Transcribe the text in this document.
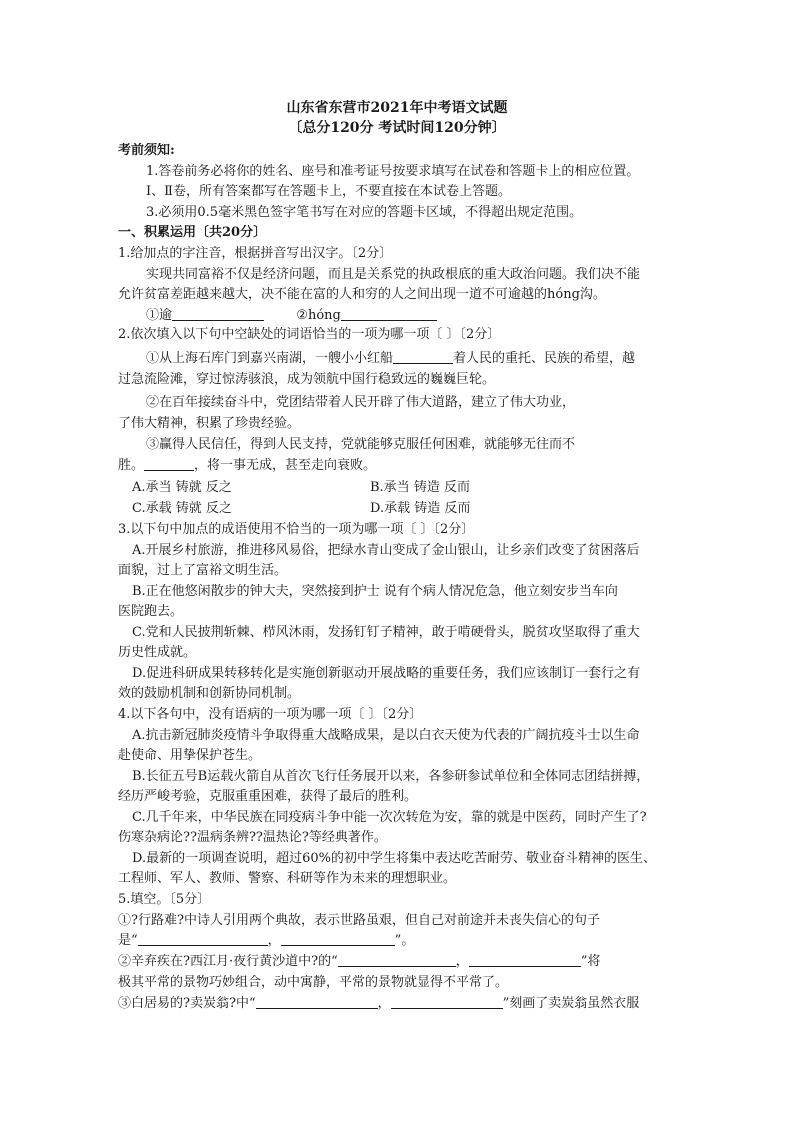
山东省东营市2021年中考语文试题
〔总分120分 考试时间120分钟〕
考前须知:
1.答卷前务必将你的姓名、座号和准考证号按要求填写在试卷和答题卡上的相应位置。
Ⅰ、Ⅱ卷，所有答案都写在答题卡上，不要直接在本试卷上答题。
3.必须用0.5毫米黑色签字笔书写在对应的答题卡区域，不得超出规定范围。
一、积累运用〔共20分〕
1.给加点的字注音，根据拼音写出汉字。〔2分〕
实现共同富裕不仅是经济问题，而且是关系党的执政根底的重大政治问题。我们决不能
允许贫富差距越来越大，决不能在富的人和穷的人之间出现一道不可逾越的hóng沟。
①逾	②hóng
2.依次填入以下句中空缺处的词语恰当的一项为哪一项〔 〕〔2分〕
①从上海石库门到嘉兴南湖，一艘小小红船	着人民的重托、民族的希望，越
过急流险滩，穿过惊涛骇浪，成为领航中国行稳致远的巍巍巨轮。
②在百年接续奋斗中，党团结带着人民开辟了伟大道路，建立了伟大功业，
了伟大精神，积累了珍贵经验。
③赢得人民信任，得到人民支持，党就能够克服任何困难，就能够无往而不
胜。	，将一事无成，甚至走向衰败。
A.承当 铸就 反之	B.承当 铸造 反而
C.承载 铸就 反之	D.承载 铸造 反而
3.以下句中加点的成语使用不恰当的一项为哪一项〔 〕〔2分〕
A.开展乡村旅游，推进移风易俗，把绿水青山变成了金山银山，让乡亲们改变了贫困落后
面貌，过上了富裕文明生活。
B.正在他悠闲散步的钟大夫，突然接到护士 说有个病人情况危急，他立刻安步当车向
医院跑去。
C.党和人民披荆斩棘、栉风沐雨，发扬钉钉子精神，敢于啃硬骨头，脱贫攻坚取得了重大
历史性成就。
D.促进科研成果转移转化是实施创新驱动开展战略的重要任务，我们应该制订一套行之有
效的鼓励机制和创新协同机制。
4.以下各句中，没有语病的一项为哪一项〔 〕〔2分〕
A.抗击新冠肺炎疫情斗争取得重大战略成果，是以白衣天使为代表的广阔抗疫斗士以生命
赴使命、用挚保护苍生。
B.长征五号B运载火箭自从首次飞行任务展开以来，各参研参试单位和全体同志团结拼搏，
经历严峻考验，克服重重困难，获得了最后的胜利。
C.几千年来，中华民族在同疫病斗争中能一次次转危为安，靠的就是中医药，同时产生了?
伤寒杂病论??温病条辨??温热论?等经典著作。
D.最新的一项调查说明，超过60%的初中学生将集中表达吃苦耐劳、敬业奋斗精神的医生、
工程师、军人、教师、警察、科研等作为未来的理想职业。
5.填空。〔5分〕
①?行路难?中诗人引用两个典故，表示世路虽艰，但自己对前途并未丧失信心的句子
是“	，	”。
②辛弃疾在?西江月·夜行黄沙道中?的“	，	”将
极其平常的景物巧妙组合，动中寓静，平常的景物就显得不平常了。
③白居易的?卖炭翁?中“	，	”刻画了卖炭翁虽然衣服
